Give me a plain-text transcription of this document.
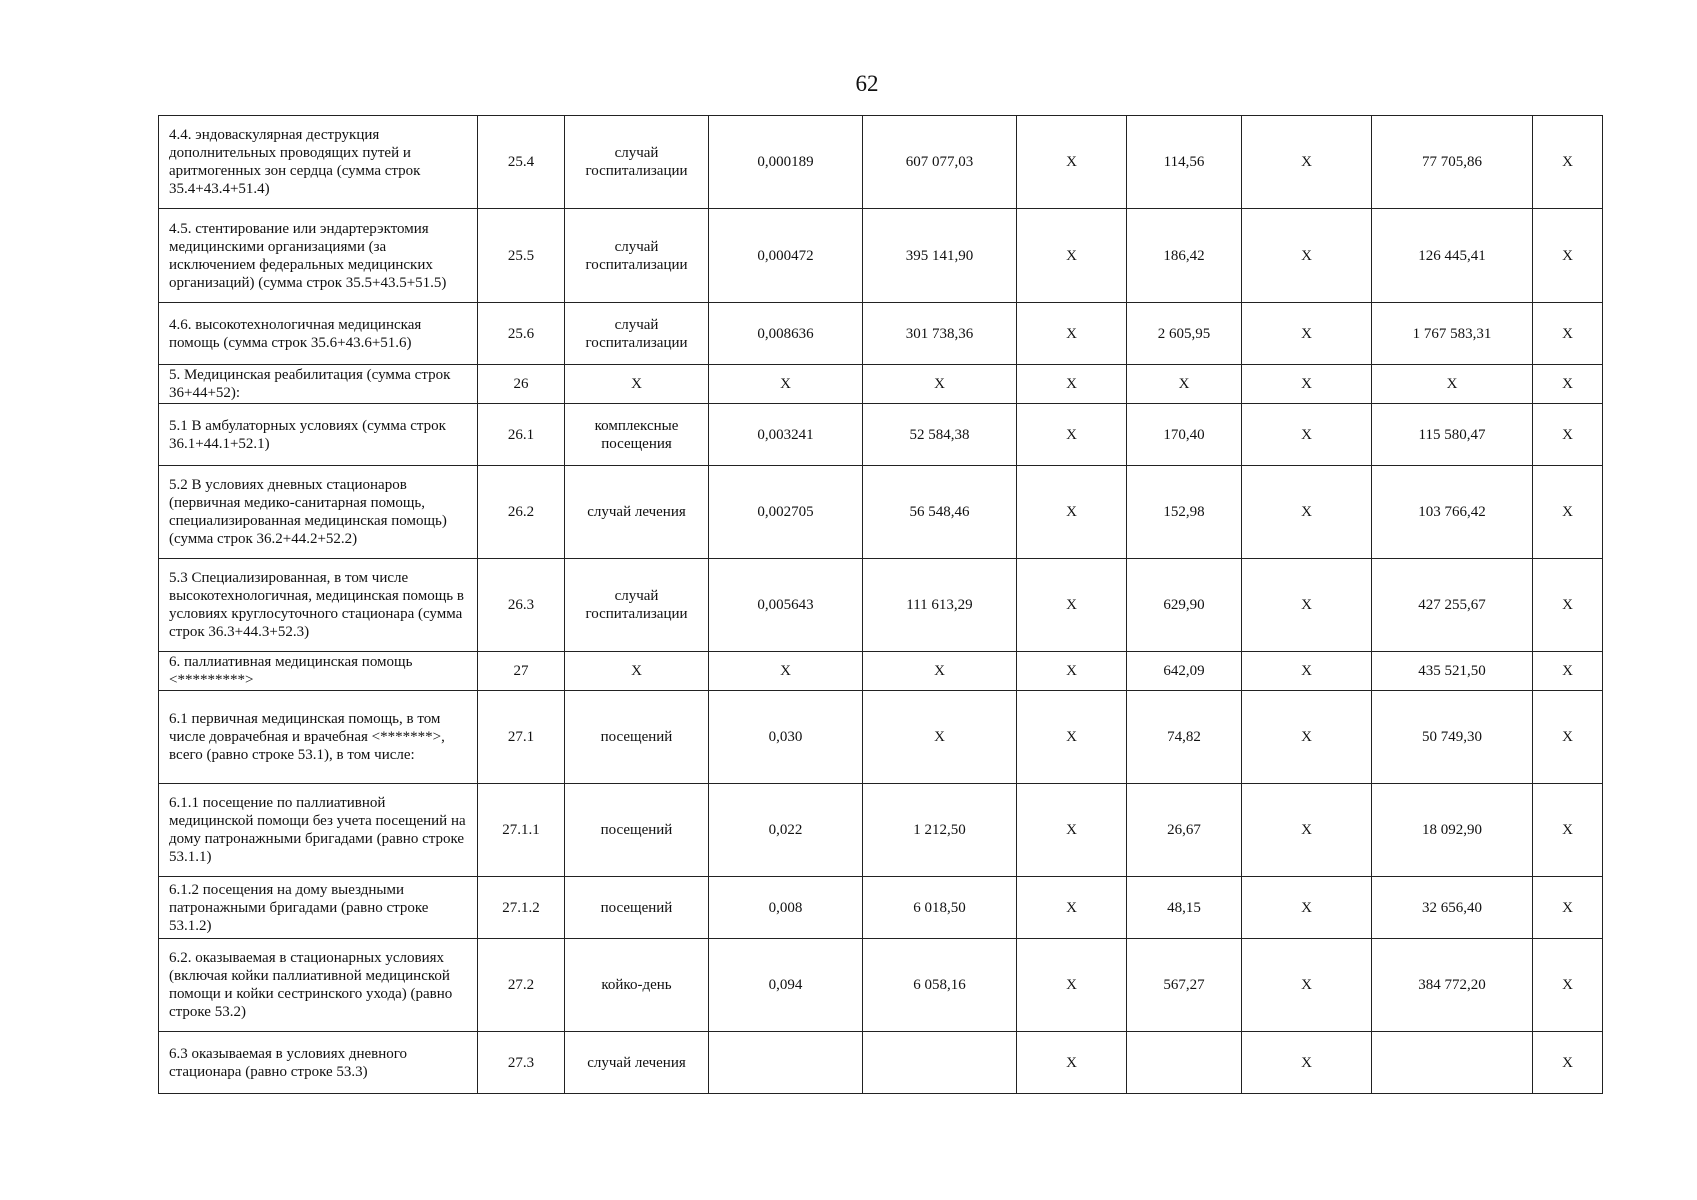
62
4.4. эндоваскулярная деструкция дополнительных проводящих путей и аритмогенных зон сердца (сумма строк 35.4+43.4+51.4)	25.4	случай госпитализации	0,000189	607 077,03	X	114,56	X	77 705,86	X
4.5. стентирование или эндартерэктомия медицинскими организациями (за исключением федеральных медицинских организаций) (сумма строк 35.5+43.5+51.5)	25.5	случай госпитализации	0,000472	395 141,90	X	186,42	X	126 445,41	X
4.6. высокотехнологичная медицинская помощь (сумма строк 35.6+43.6+51.6)	25.6	случай госпитализации	0,008636	301 738,36	X	2 605,95	X	1 767 583,31	X
5. Медицинская реабилитация (сумма строк 36+44+52):	26	X	X	X	X	X	X	X	X
5.1 В амбулаторных условиях (сумма строк 36.1+44.1+52.1)	26.1	комплексные посещения	0,003241	52 584,38	X	170,40	X	115 580,47	X
5.2 В условиях дневных стационаров (первичная медико-санитарная помощь, специализированная медицинская помощь) (сумма строк 36.2+44.2+52.2)	26.2	случай лечения	0,002705	56 548,46	X	152,98	X	103 766,42	X
5.3 Специализированная, в том числе высокотехнологичная, медицинская помощь в условиях круглосуточного стационара (сумма строк 36.3+44.3+52.3)	26.3	случай госпитализации	0,005643	111 613,29	X	629,90	X	427 255,67	X
6. паллиативная медицинская помощь <*********>	27	X	X	X	X	642,09	X	435 521,50	X
6.1 первичная медицинская помощь, в том числе доврачебная и врачебная <*******>, всего (равно строке 53.1), в том числе:	27.1	посещений	0,030	X	X	74,82	X	50 749,30	X
6.1.1 посещение по паллиативной медицинской помощи без учета посещений на дому патронажными бригадами (равно строке 53.1.1)	27.1.1	посещений	0,022	1 212,50	X	26,67	X	18 092,90	X
6.1.2 посещения на дому выездными патронажными бригадами (равно строке 53.1.2)	27.1.2	посещений	0,008	6 018,50	X	48,15	X	32 656,40	X
6.2. оказываемая в стационарных условиях (включая койки паллиативной медицинской помощи и койки сестринского ухода) (равно строке 53.2)	27.2	койко-день	0,094	6 058,16	X	567,27	X	384 772,20	X
6.3 оказываемая в условиях дневного стационара (равно строке 53.3)	27.3	случай лечения			X		X		X
